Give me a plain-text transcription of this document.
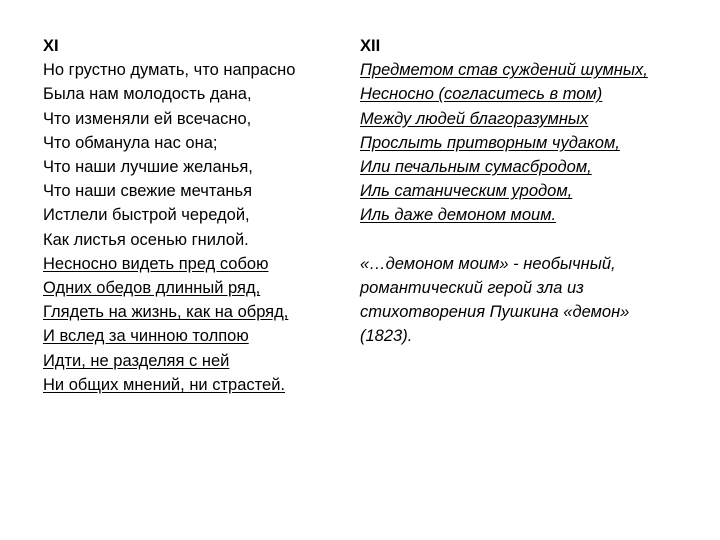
XI
Но грустно думать, что напрасно
Была нам молодость дана,
Что изменяли ей всечасно,
Что обманула нас она;
Что наши лучшие желанья,
Что наши свежие мечтанья
Истлели быстрой чередой,
Как листья осенью гнилой.
Несносно видеть пред собою
Одних обедов длинный ряд,
Глядеть на жизнь, как на обряд,
И вслед за чинною толпою
Идти, не разделяя с ней
Ни общих мнений, ни страстей.
XII
Предметом став суждений шумных,
Несносно (согласитесь в том)
Между людей благоразумных
Прослыть притворным чудаком,
Или печальным сумасбродом,
Иль сатаническим уродом,
Иль даже демоном моим.
«…демоном моим» - необычный,
романтический герой зла из
стихотворения Пушкина «демон»
(1823).
